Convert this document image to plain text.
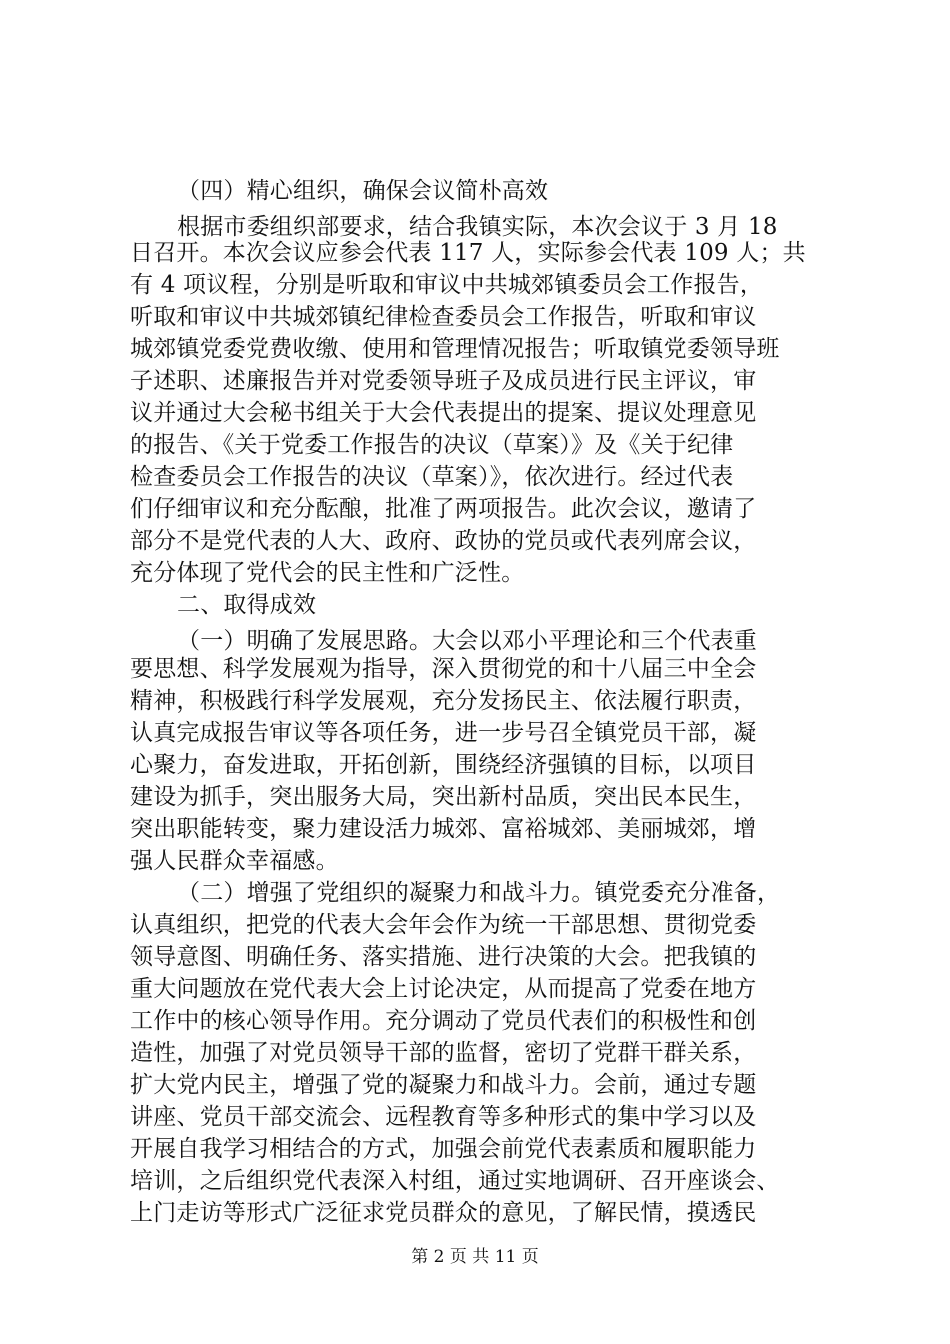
（四）精心组织，确保会议简朴高效
根据市委组织部要求，结合我镇实际，本次会议于 3 月 18
日召开。本次会议应参会代表 117 人，实际参会代表 109 人；共
有 4 项议程，分别是听取和审议中共城郊镇委员会工作报告，
听取和审议中共城郊镇纪律检查委员会工作报告，听取和审议
城郊镇党委党费收缴、使用和管理情况报告；听取镇党委领导班
子述职、述廉报告并对党委领导班子及成员进行民主评议，审
议并通过大会秘书组关于大会代表提出的提案、提议处理意见
的报告、《关于党委工作报告的决议（草案）》及《关于纪律
检查委员会工作报告的决议（草案）》，依次进行。经过代表
们仔细审议和充分酝酿，批准了两项报告。此次会议，邀请了
部分不是党代表的人大、政府、政协的党员或代表列席会议，
充分体现了党代会的民主性和广泛性。
二、取得成效
（一）明确了发展思路。大会以邓小平理论和三个代表重
要思想、科学发展观为指导，深入贯彻党的和十八届三中全会
精神，积极践行科学发展观，充分发扬民主、依法履行职责，
认真完成报告审议等各项任务，进一步号召全镇党员干部，凝
心聚力，奋发进取，开拓创新，围绕经济强镇的目标，以项目
建设为抓手，突出服务大局，突出新村品质，突出民本民生，
突出职能转变，聚力建设活力城郊、富裕城郊、美丽城郊，增
强人民群众幸福感。
（二）增强了党组织的凝聚力和战斗力。镇党委充分准备，
认真组织，把党的代表大会年会作为统一干部思想、贯彻党委
领导意图、明确任务、落实措施、进行决策的大会。把我镇的
重大问题放在党代表大会上讨论决定，从而提高了党委在地方
工作中的核心领导作用。充分调动了党员代表们的积极性和创
造性，加强了对党员领导干部的监督，密切了党群干群关系，
扩大党内民主，增强了党的凝聚力和战斗力。会前，通过专题
讲座、党员干部交流会、远程教育等多种形式的集中学习以及
开展自我学习相结合的方式，加强会前党代表素质和履职能力
培训，之后组织党代表深入村组，通过实地调研、召开座谈会、
上门走访等形式广泛征求党员群众的意见，了解民情，摸透民
第 2 页 共 11 页
